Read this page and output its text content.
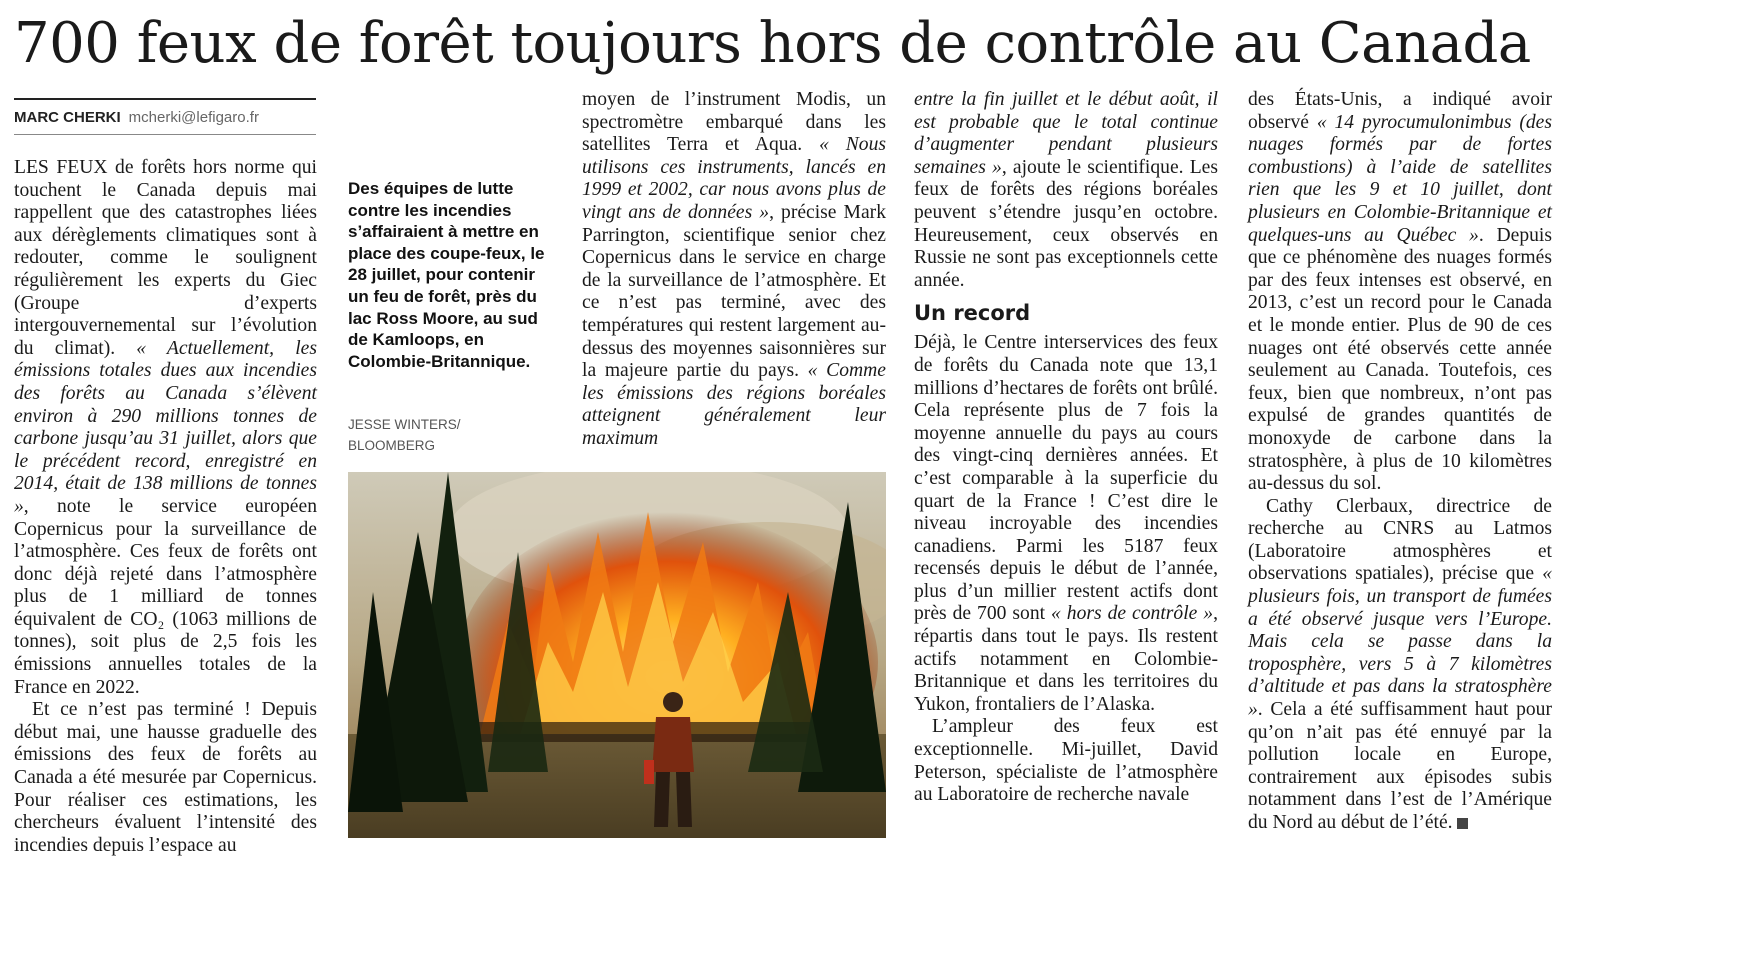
700 feux de forêt toujours hors de contrôle au Canada
MARC CHERKI mcherki@lefigaro.fr

LES FEUX de forêts hors norme qui touchent le Canada depuis mai rappellent que des catastrophes liées aux dérèglements climatiques sont à redouter, comme le soulignent régulièrement les experts du Giec (Groupe d’experts intergouvernemental sur l’évolution du climat). « Actuellement, les émissions totales dues aux incendies des forêts au Canada s’élèvent environ à 290 millions tonnes de carbone jusqu’au 31 juillet, alors que le précédent record, enregistré en 2014, était de 138 millions de tonnes », note le service européen Copernicus pour la surveillance de l’atmosphère. Ces feux de forêts ont donc déjà rejeté dans l’atmosphère plus de 1 milliard de tonnes équivalent de CO₂ (1063 millions de tonnes), soit plus de 2,5 fois les émissions annuelles totales de la France en 2022.

Et ce n’est pas terminé ! Depuis début mai, une hausse graduelle des émissions des feux de forêts au Canada a été mesurée par Copernicus. Pour réaliser ces estimations, les chercheurs évaluent l’intensité des incendies depuis l’espace au

Des équipes de lutte contre les incendies s’affairaient à mettre en place des coupe-feux, le 28 juillet, pour contenir un feu de forêt, près du lac Ross Moore, au sud de Kamloops, en Colombie-Britannique.
JESSE WINTERS/ BLOOMBERG

moyen de l’instrument Modis, un spectromètre embarqué dans les satellites Terra et Aqua. « Nous utilisons ces instruments, lancés en 1999 et 2002, car nous avons plus de vingt ans de données », précise Mark Parrington, scientifique senior chez Copernicus dans le service en charge de la surveillance de l’atmosphère. Et ce n’est pas terminé, avec des températures qui restent largement au-dessus des moyennes saisonnières sur la majeure partie du pays. « Comme les émissions des régions boréales atteignent généralement leur maximum

entre la fin juillet et le début août, il est probable que le total continue d’augmenter pendant plusieurs semaines », ajoute le scientifique. Les feux de forêts des régions boréales peuvent s’étendre jusqu’en octobre. Heureusement, ceux observés en Russie ne sont pas exceptionnels cette année.

Un record

Déjà, le Centre interservices des feux de forêts du Canada note que 13,1 millions d’hectares de forêts ont brûlé. Cela représente plus de 7 fois la moyenne annuelle du pays au cours des vingt-cinq dernières années. Et c’est comparable à la superficie du quart de la France ! C’est dire le niveau incroyable des incendies canadiens. Parmi les 5187 feux recensés depuis le début de l’année, plus d’un millier restent actifs dont près de 700 sont « hors de contrôle », répartis dans tout le pays. Ils restent actifs notamment en Colombie-Britannique et dans les territoires du Yukon, frontaliers de l’Alaska.

L’ampleur des feux est exceptionnelle. Mi-juillet, David Peterson, spécialiste de l’atmosphère au Laboratoire de recherche navale

des États-Unis, a indiqué avoir observé « 14 pyrocumulonimbus (des nuages formés par de fortes combustions) à l’aide de satellites rien que les 9 et 10 juillet, dont plusieurs en Colombie-Britannique et quelques-uns au Québec ». Depuis que ce phénomène des nuages formés par des feux intenses est observé, en 2013, c’est un record pour le Canada et le monde entier. Plus de 90 de ces nuages ont été observés cette année seulement au Canada. Toutefois, ces feux, bien que nombreux, n’ont pas expulsé de grandes quantités de monoxyde de carbone dans la stratosphère, à plus de 10 kilomètres au-dessus du sol.

Cathy Clerbaux, directrice de recherche au CNRS au Latmos (Laboratoire atmosphères et observations spatiales), précise que « plusieurs fois, un transport de fumées a été observé jusque vers l’Europe. Mais cela se passe dans la troposphère, vers 5 à 7 kilomètres d’altitude et pas dans la stratosphère ». Cela a été suffisamment haut pour qu’on n’ait pas été ennuyé par la pollution locale en Europe, contrairement aux épisodes subis notamment dans l’est de l’Amérique du Nord au début de l’été.
